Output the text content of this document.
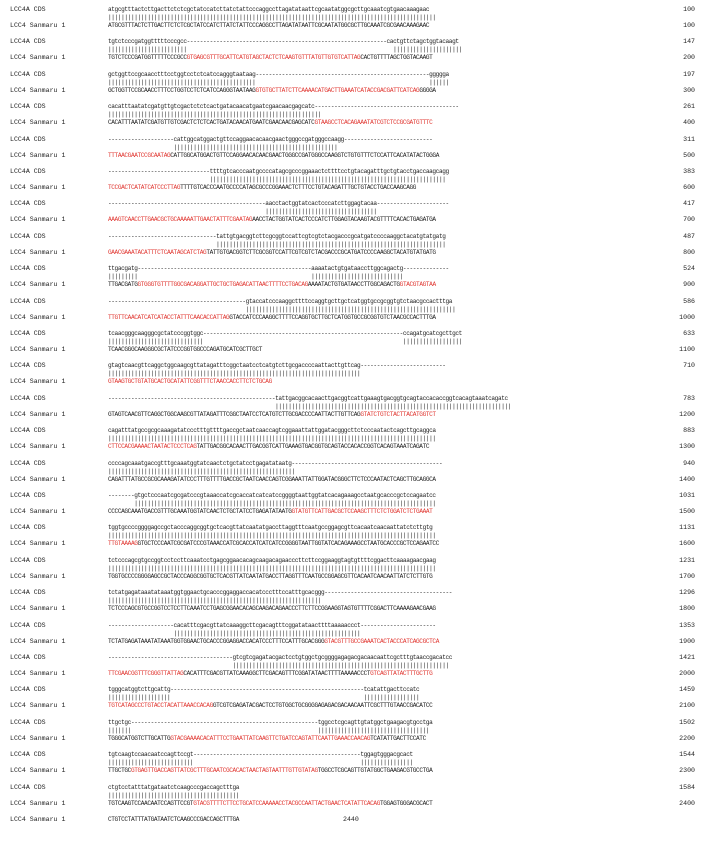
LCC4A CDS	atgcgtttactcttgacttctctcgctatccatcttatctattcccaggccttagatataattcgcaatatggcgcttgcaaatcgtgaacaaagaac	100
||||||||||||||||||||||||||||||||||||||||||||||||||||||||||||||||||||||||||||||||||||||||||||||||||||
LCC4 Sanmaru 1	ATGCGTTTACTCTTGACTTCTCTCGCTATCCATCTTATCTATTCCCAGGCCTTAGATATAATTCGCAATATGGCGCTTGCAAATCGCGAACAAAGAAC	100
LCC4A CDS	tgtctcccgatggtttttcccgcc-------------------------------------------------------------cactgttctagctggtacaagt	147
||||||||||||||||||||||||                                                               |||||||||||||||||||||
LCC4 Sanmaru 1	TGTCTCCCGATGGTTTTTCCCGCCGTGAGCGTTTGCATTCATGTAGCTACTCTCAAGTGTTTATGTTGTGTCATTAGCACTGTTTTAGCTGGTACAAGT	200
LCC4A CDS	gctggttccgcaacctttcctggtcctctcatccagggtaataag-----------------------------------------------------ggggga	197
|||||||||||||||||||||||||||||||||||||||||||||                                                     ||||||
LCC4 Sanmaru 1	GCTGGTTCCGCAACCTTTCCTGGTCCTCTCATCCAGGGTAATAAGGTGTGCTTATCTTCAAAACATGACTTGAAATCATACCGACGATTCATCAGGGGGA	300
LCC4A CDS	cacatttaatatcgatgttgtcgactctctcactgatacaacatgaatcgaacaacgagcatc--------------------------------------------	261
|||||||||||||||||||||||||||||||||||||||||||||||||||||||||||||||||
LCC4 Sanmaru 1	CACATTTAATATCGATGTTGTCGACTCTCTCACTGATACAACATGAATCGAACAACGAGCATCGTAAGCCTCACAGAAATATCGTCTCCGCGATGTTTC	400
LCC4A CDS	--------------------cattggcatggactgttccaggaacacaacgaactgggccgatgggccaagg---------------------------	311
||||||||||||||||||||||||||||||||||||||||||||||||||
LCC4 Sanmaru 1	TTTAACGAATCCGCAATAGCATTGGCATGGACTGTTCCAGGAACACAACGAACTGGGCCGATGGGCCAAGGTCTGTGTTTCTCCATTCACATATACTGGGA	500
LCC4A CDS	-------------------------------ttttgtcacccaatgccccatagcgcccggaaactcttttcctgtacagatttgctgtacctgaccaagcagg	383
||||||||||||||||||||||||||||||||||||||||||||||||||||||||||||||||||||||||
LCC4 Sanmaru 1	TCCGACTCATATCATCCCTTAGTTTTGTCACCCAATGCCCCATAGCGCCCGGAAACTCTTTCCTGTACAGATTTGCTGTACCTGACCAAGCAGG	600
LCC4A CDS	------------------------------------------------aacctactggtatcactcccatcttggagtacaa----------------------	417
||||||||||||||||||||||||||||||||||
LCC4 Sanmaru 1	AAAGTCAACCTTGAACGCTGCAAAAATTGAACTATTTCGAATAGAACCTACTGGTATCACTCCCATCTTGGAGTACAAGTACGTTTTCACACTGAGATGA	700
LCC4A CDS	---------------------------------tattgtgacggtcttcgcggtccattcgtcgtctacgacccgcatgatccccaaggctacatgtatgatg	487
||||||||||||||||||||||||||||||||||||||||||||||||||||||||||||||||||||||
LCC4 Sanmaru 1	GAACGAAATACATTTCTCAATAGCATCTAGTATTGTGACGGTCTTCGCGGTCCATTCGTCGTCTACGACCCGCATGATCCCCAAGGCTACATGTATGATG	800
LCC4A CDS	ttgacgatg-----------------------------------------------------aaaatactgtgataaccttggcagactg--------------	524
|||||||||                                                     ||||||||||||||||||||||||||||
LCC4 Sanmaru 1	TTGACGATGGTGGGTGTTTTGGCGACAGGATTGCTGCTGAGACATTAACTTTTCCTGACAGAAAATACTGTGATAACCTTGGCAGACTGGTACGTAGTAA	900
LCC4A CDS	------------------------------------------gtaccatcccaaggcttttccaggtgcttgctcatggtgccgcggtgtctaacgccactttga	586
||||||||||||||||||||||||||||||||||||||||||||||||||||||||||||||||
LCC4 Sanmaru 1	TTGTTCAACATCATCATACCTATTTCAACACCATTAGGTACCATCCCAAGGCTTTTCCAGGTGCTTGCTCATGGTGCCGCGGTGTCTAACGCCACTTTGA	1000
LCC4A CDS	tcaacgggcaagggcgctatcccggtggc-------------------------------------------------------------ccagatgcatcgcttgct	633
|||||||||||||||||||||||||||||                                                             ||||||||||||||||||
LCC4 Sanmaru 1	TCAACGGGCAAGGGCGCTATCCCGGTGGCCCAGATGCATCGCTTGCT	1100
LCC4A CDS	gtagtcaacgttcaggctggcaagcgttatagatttcggctaatcctcatgtcttgcgaccccaattacttgttcag--------------------------	710
|||||||||||||||||||||||||||||||||||||||||||||||||||||||||||||||||||||||||||||
LCC4 Sanmaru 1	GTAAGTGCTGTATGCACTGCATATTCGGTTTCTAACCACCTTCTCTGCAG
LCC4A CDS	---------------------------------------------------tattgacggcacaacttgacggtcattgaaagtgacggtgcagtaccacaccggtcacagtaaatcagatc	783
||||||||||||||||||||||||||||||||||||||||||||||||||||||||||||||||||||||||
LCC4 Sanmaru 1	GTAGTCAACGTTCAGGCTGGCAAGCGTTATAGATTTCGGCTAATCCTCATGTCTTGCGACCCCAATTACTTGTTCAGGTATCTGTCTACTTACATGGTCT	1200
LCC4A CDS	cagatttatgccgcgcaaagatatccctttgttttgaccgctaatcaaccagtcggaaattattggatacgggcttctcccaatactcagcttgcaggca	883
||||||||||||||||||||||||||||||||||||||||||||||||||||||||||||||||||||||||||||||||||||||||||||||||||||
LCC4 Sanmaru 1	CTTCCACGAAAACTAATACTCCCTCAGTATTGACGGCACAACTTGACGGTCATTGAAAGTGACGGTGCAGTACCACACCGGTCACAGTAAATCAGATC	1300
LCC4A CDS	ccccagcaaatgaccgtttgcaaatggtatcaactctgctatcctgagatataatg----------------------------------------------	940
|||||||||||||||||||||||||||||||||||||||||||||||||||||||||
LCC4 Sanmaru 1	CAGATTTATGCCGCGCAAAGATATCCCTTTGTTTTGACCGCTAATCAACCAGTCGGAAATTATTGGATACGGGCTTCTCCCAATACTCAGCTTGCAGGCA	1400
LCC4A CDS	--------gtgctcccaatcgcgatcccgtaaaccatcgcaccatcatcatccggggtaattggtatcacagaaagcctaatgcacccgctccagaatcc	1031
||||||||||||||||||||||||||||||||||||||||||||||||||||||||||||||||||||||||||||||||||||||||||||
LCC4 Sanmaru 1	CCCCAGCAAATGACCGTTTGCAAATGGTATCAACTCTGCTATCCTGAGATATAATGGTATGTTCATTGACGCTCCAAGCTTTCTCTGGATCTCTGAAAT	1500
LCC4A CDS	tggtgccccggggagccgctacccaggcggtgctcacgttatcaatatgaccttaggtttcaatgccggagcgttcacaatcaacaattatctcttgtg	1131
||||||||||||||||||||||||||||||||||||||||||||||||||||||||||||||||||||||||||||||||||||||||||||||||||||
LCC4 Sanmaru 1	TTGTAAAAGGTGCTCCCAATCGCGATCCCGTAAACCATCGCACCATCATCATCCGGGGTAATTGGTATCACAGAAAGCCTAATGCACCCGCTCCAGAATCC	1600
LCC4A CDS	tctcccagcgtgccggtcctccttcaaatcctgagcggaacacagcaagacagaacccttcttccggaaggtagtgttttcggacttcaaaagaacgaag	1231
||||||||||||||||||||||||||||||||||||||||||||||||||||||||||||||||||||||||||||||||||||||||||||||||||||
LCC4 Sanmaru 1	TGGTGCCCCGGGGAGCCGCTACCCAGGCGGTGCTCACGTTATCAATATGACCTTAGGTTTCAATGCCGGAGCGTTCACAATCAACAATTATCTCTTGTG	1700
LCC4A CDS	tctatgagataaatataaatggtggaactgcacccggaggaccacatccctttccatttgcacggg---------------------------------------	1296
|||||||||||||||||||||||||||||||||||||||||||||||||||||||||||||||||
LCC4 Sanmaru 1	TCTCCCAGCGTGCCGGTCCTCCTTCAAATCCTGAGCGGAACACAGCAAGACAGAACCCTTCTTCCGGAAGGTAGTGTTTTCGGACTTCAAAAGAACGAAG	1800
LCC4A CDS	--------------------cacatttcgacgttatcaaaggcttcgacagtttcggatataacttttaaaaaccct-----------------------	1353
|||||||||||||||||||||||||||||||||||||||||||||||||||||||||
LCC4 Sanmaru 1	TCTATGAGATAAATATAAATGGTGGAACTGCACCCGGAGGACCACATCCCTTTCCATTTGCACGGGGTACGTTTGCCGAAATCACTACCCATCAGCGCTCA	1900
LCC4A CDS	--------------------------------------gtcgtcgagatacgactcctgtggctgcggggagagacgacaacaattcgctttgtaaccgacatcc	1421
||||||||||||||||||||||||||||||||||||||||||||||||||||||||||||||||||
LCC4 Sanmaru 1	TTCGAACGGTTTCGGGTTATTAGCACATTTCGACGTTATCAAAGGCTTCGACAGTTTCGGATATAACTTTTAAAAACCCTGTCAGTTATACTTTGCTTG	2000
LCC4A CDS	tgggcatggtcttgcattg-----------------------------------------------------------tcatattgacttccatc	1459
|||||||||||||||||||                                                           |||||||||||||||||
LCC4 Sanmaru 1	TGTCATAGCCCTGTACCTACATTAAACCACAGGTCGTCGAGATACGACTCCTGTGGCTGCGGGGAGAGACGACAACAATTCGCTTTGTAACCGACATCC	2100
LCC4A CDS	ttgctgc---------------------------------------------------------tggcctcgcagttgtatggctgaagacgtgcctga	1502
|||||||                                                         ||||||||||||||||||||||||||||||||||
LCC4 Sanmaru 1	TGGGCATGGTCTTGCATTGGTACGAAAACACATTTCCTGAATTATCAAGTTCTGATCCAGTATTCAATTGAAACCAACAGTCATATTGACTTCCATC	2200
LCC4A CDS	tgtcaagtccaacaatccagttccgt---------------------------------------------------tggagtgggacgcact	1544
||||||||||||||||||||||||||                                                   ||||||||||||||||
LCC4 Sanmaru 1	TTGCTGCGTGAGTTGACCAGTTATCGCTTTGCAATCGCACACTAACTAGTAATTTGTTGTATAGTGGCCTCGCAGTTGTATGGCTGAAGACGTGCCTGA	2300
LCC4A CDS	ctgtcctatttatgataatctcaagcccgaccagctttga	1584
||||||||||||||||||||||||||||||||||||||||
LCC4 Sanmaru 1	TGTCAAGTCCAACAATCCAGTTCCGTGTACGTTTTCTTCCTGCATCCAAAAACCTACGCCAATTACTGAACTCATATTCACAGTGGAGTGGGACGCACT	2400
LCC4 Sanmaru 1	CTGTCCTATTTATGATAATCTCAAGCCCGACCAGCTTTGA	2440
